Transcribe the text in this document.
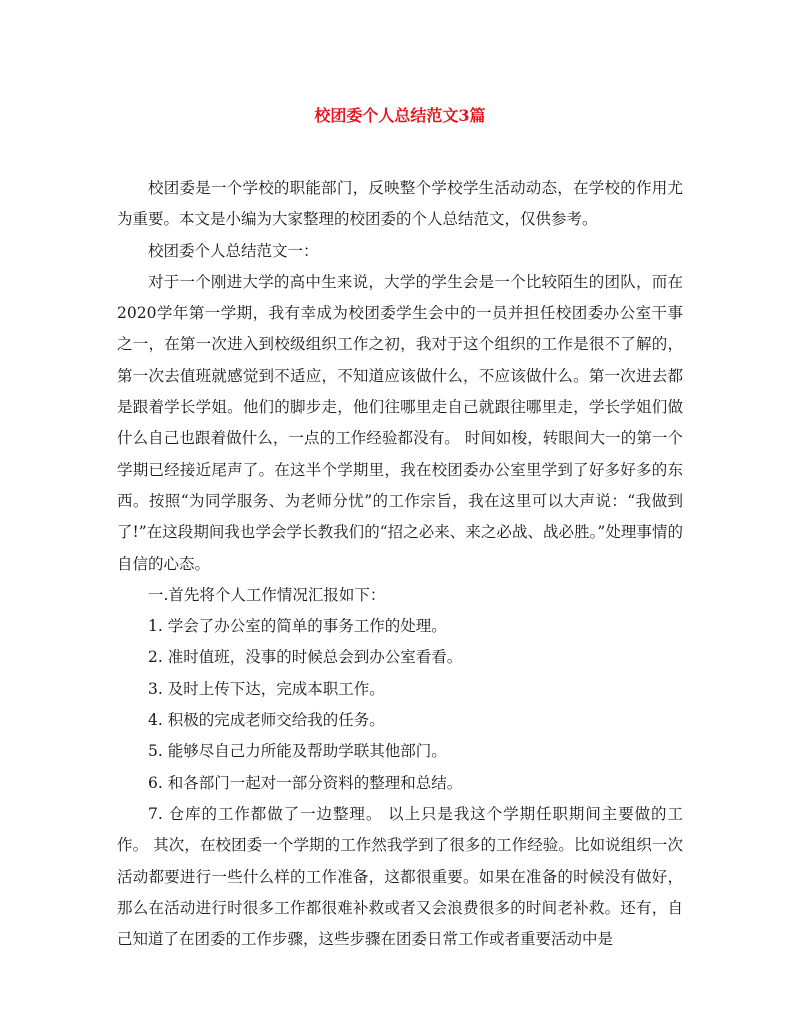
校团委个人总结范文3篇

校团委是一个学校的职能部门，反映整个学校学生活动动态，在学校的作用尤为重要。本文是小编为大家整理的校团委的个人总结范文，仅供参考。

校团委个人总结范文一：

对于一个刚进大学的高中生来说，大学的学生会是一个比较陌生的团队，而在2020学年第一学期，我有幸成为校团委学生会中的一员并担任校团委办公室干事之一，在第一次进入到校级组织工作之初，我对于这个组织的工作是很不了解的，第一次去值班就感觉到不适应，不知道应该做什么，不应该做什么。第一次进去都是跟着学长学姐。他们的脚步走，他们往哪里走自己就跟往哪里走，学长学姐们做什么自己也跟着做什么，一点的工作经验都没有。 时间如梭，转眼间大一的第一个学期已经接近尾声了。在这半个学期里，我在校团委办公室里学到了好多好多的东西。按照“为同学服务、为老师分忧”的工作宗旨，我在这里可以大声说：“我做到了!”在这段期间我也学会学长教我们的“招之必来、来之必战、战必胜。”处理事情的自信的心态。

一.首先将个人工作情况汇报如下：

1. 学会了办公室的简单的事务工作的处理。

2. 准时值班，没事的时候总会到办公室看看。

3. 及时上传下达，完成本职工作。

4. 积极的完成老师交给我的任务。

5. 能够尽自己力所能及帮助学联其他部门。

6. 和各部门一起对一部分资料的整理和总结。

7. 仓库的工作都做了一边整理。 以上只是我这个学期任职期间主要做的工作。 其次，在校团委一个学期的工作然我学到了很多的工作经验。比如说组织一次活动都要进行一些什么样的工作准备，这都很重要。如果在准备的时候没有做好，那么在活动进行时很多工作都很难补救或者又会浪费很多的时间老补救。还有，自己知道了在团委的工作步骤，这些步骤在团委日常工作或者重要活动中是
